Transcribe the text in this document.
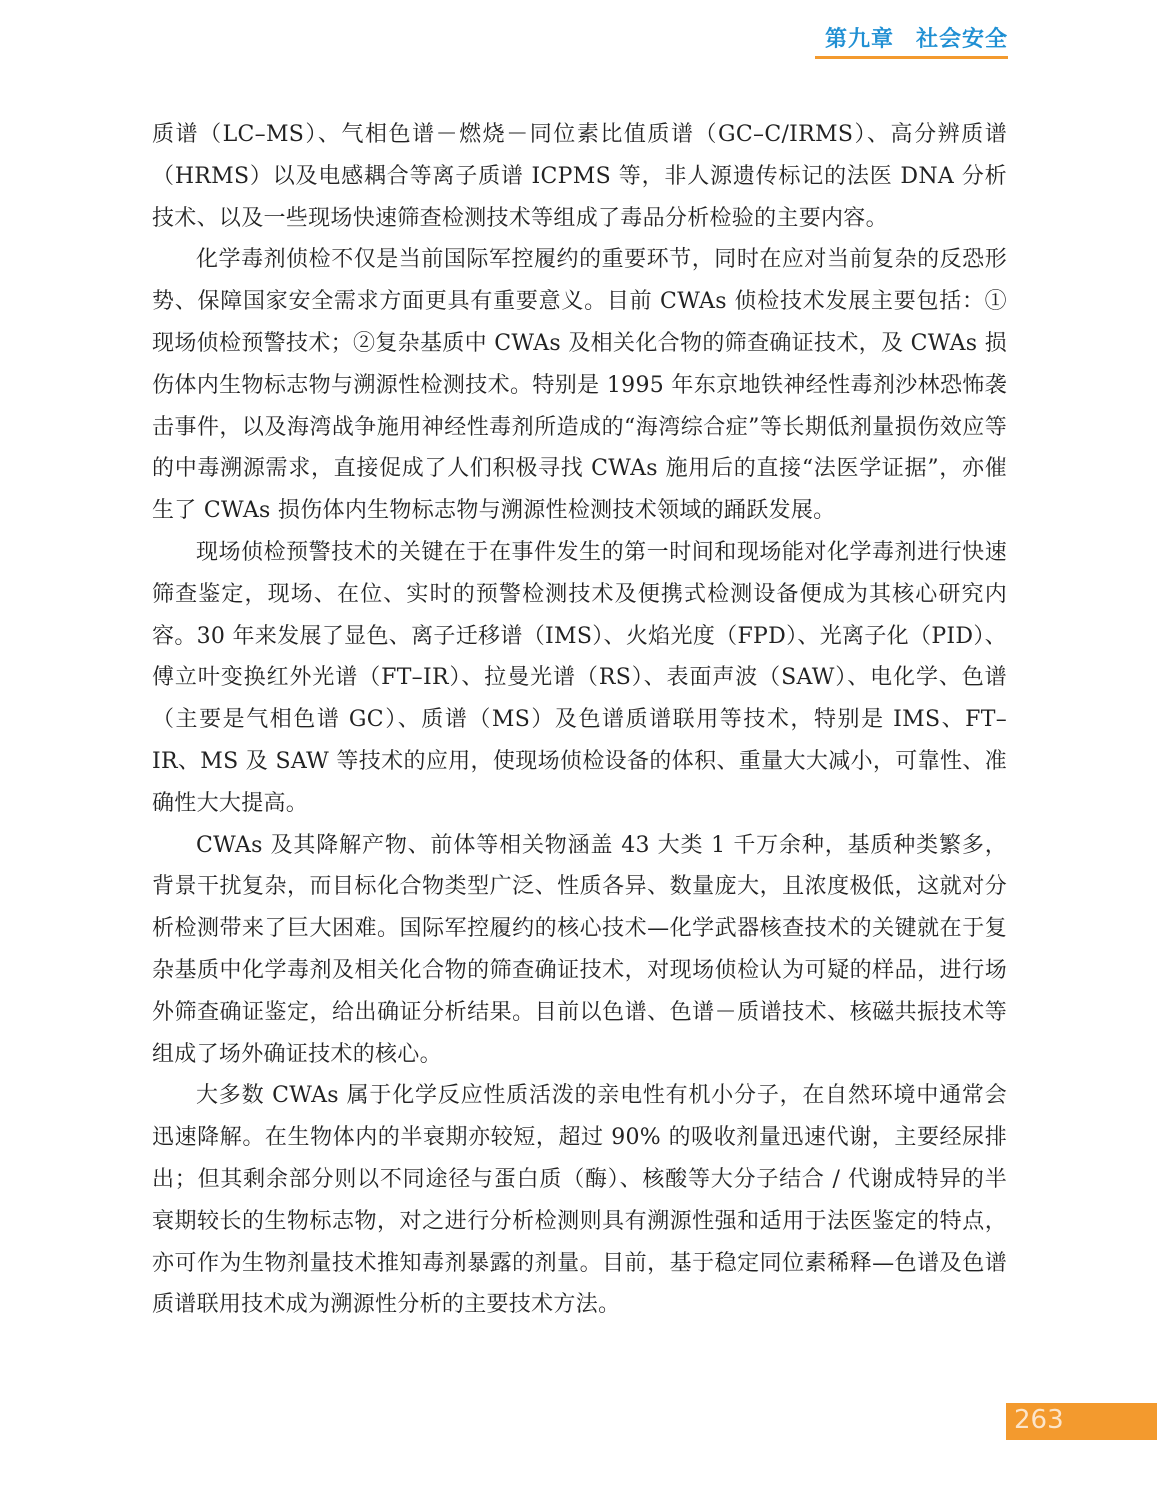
第九章 社会安全

质谱（LC–MS）、气相色谱－燃烧－同位素比值质谱（GC–C/IRMS）、高分辨质谱（HRMS）以及电感耦合等离子质谱 ICPMS 等，非人源遗传标记的法医 DNA 分析技术、以及一些现场快速筛查检测技术等组成了毒品分析检验的主要内容。

化学毒剂侦检不仅是当前国际军控履约的重要环节，同时在应对当前复杂的反恐形势、保障国家安全需求方面更具有重要意义。目前 CWAs 侦检技术发展主要包括：①现场侦检预警技术；②复杂基质中 CWAs 及相关化合物的筛查确证技术，及 CWAs 损伤体内生物标志物与溯源性检测技术。特别是 1995 年东京地铁神经性毒剂沙林恐怖袭击事件，以及海湾战争施用神经性毒剂所造成的“海湾综合症”等长期低剂量损伤效应等的中毒溯源需求，直接促成了人们积极寻找 CWAs 施用后的直接“法医学证据”，亦催生了 CWAs 损伤体内生物标志物与溯源性检测技术领域的踊跃发展。

现场侦检预警技术的关键在于在事件发生的第一时间和现场能对化学毒剂进行快速筛查鉴定，现场、在位、实时的预警检测技术及便携式检测设备便成为其核心研究内容。30 年来发展了显色、离子迁移谱（IMS）、火焰光度（FPD）、光离子化（PID）、傅立叶变换红外光谱（FT–IR）、拉曼光谱（RS）、表面声波（SAW）、电化学、色谱（主要是气相色谱 GC）、质谱（MS）及色谱质谱联用等技术，特别是 IMS、FT–IR、MS 及 SAW 等技术的应用，使现场侦检设备的体积、重量大大减小，可靠性、准确性大大提高。

CWAs 及其降解产物、前体等相关物涵盖 43 大类 1 千万余种，基质种类繁多，背景干扰复杂，而目标化合物类型广泛、性质各异、数量庞大，且浓度极低，这就对分析检测带来了巨大困难。国际军控履约的核心技术—化学武器核查技术的关键就在于复杂基质中化学毒剂及相关化合物的筛查确证技术，对现场侦检认为可疑的样品，进行场外筛查确证鉴定，给出确证分析结果。目前以色谱、色谱－质谱技术、核磁共振技术等组成了场外确证技术的核心。

大多数 CWAs 属于化学反应性质活泼的亲电性有机小分子，在自然环境中通常会迅速降解。在生物体内的半衰期亦较短，超过 90% 的吸收剂量迅速代谢，主要经尿排出；但其剩余部分则以不同途径与蛋白质（酶）、核酸等大分子结合 / 代谢成特异的半衰期较长的生物标志物，对之进行分析检测则具有溯源性强和适用于法医鉴定的特点，亦可作为生物剂量技术推知毒剂暴露的剂量。目前，基于稳定同位素稀释—色谱及色谱质谱联用技术成为溯源性分析的主要技术方法。

263
